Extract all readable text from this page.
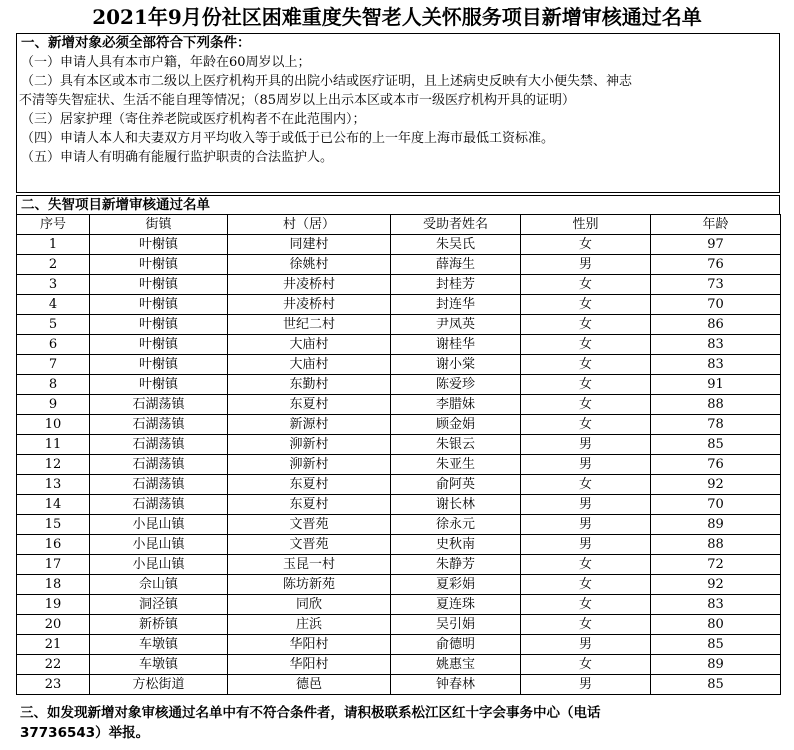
2021年9月份社区困难重度失智老人关怀服务项目新增审核通过名单
一、新增对象必须全部符合下列条件：
（一）申请人具有本市户籍，年龄在60周岁以上；
（二）具有本区或本市二级以上医疗机构开具的出院小结或医疗证明，且上述病史反映有大小便失禁、神志
不清等失智症状、生活不能自理等情况；（85周岁以上出示本区或本市一级医疗机构开具的证明）
（三）居家护理（寄住养老院或医疗机构者不在此范围内）；
（四）申请人本人和夫妻双方月平均收入等于或低于已公布的上一年度上海市最低工资标准。
（五）申请人有明确有能履行监护职责的合法监护人。
二、失智项目新增审核通过名单
序号	街镇	村（居）	受助者姓名	性别	年龄
1	叶榭镇	同建村	朱吴氏	女	97
2	叶榭镇	徐姚村	薛海生	男	76
3	叶榭镇	井凌桥村	封桂芳	女	73
4	叶榭镇	井凌桥村	封连华	女	70
5	叶榭镇	世纪二村	尹凤英	女	86
6	叶榭镇	大庙村	谢桂华	女	83
7	叶榭镇	大庙村	谢小棠	女	83
8	叶榭镇	东勤村	陈爱珍	女	91
9	石湖荡镇	东夏村	李腊妹	女	88
10	石湖荡镇	新源村	顾金娟	女	78
11	石湖荡镇	泖新村	朱银云	男	85
12	石湖荡镇	泖新村	朱亚生	男	76
13	石湖荡镇	东夏村	俞阿英	女	92
14	石湖荡镇	东夏村	谢长林	男	70
15	小昆山镇	文晋苑	徐永元	男	89
16	小昆山镇	文晋苑	史秋南	男	88
17	小昆山镇	玉昆一村	朱静芳	女	72
18	佘山镇	陈坊新苑	夏彩娟	女	92
19	洞泾镇	同欣	夏连珠	女	83
20	新桥镇	庄浜	吴引娟	女	80
21	车墩镇	华阳村	俞德明	男	85
22	车墩镇	华阳村	姚惠宝	女	89
23	方松街道	德邑	钟春林	男	85
三、如发现新增对象审核通过名单中有不符合条件者，请积极联系松江区红十字会事务中心（电话
37736543）举报。
